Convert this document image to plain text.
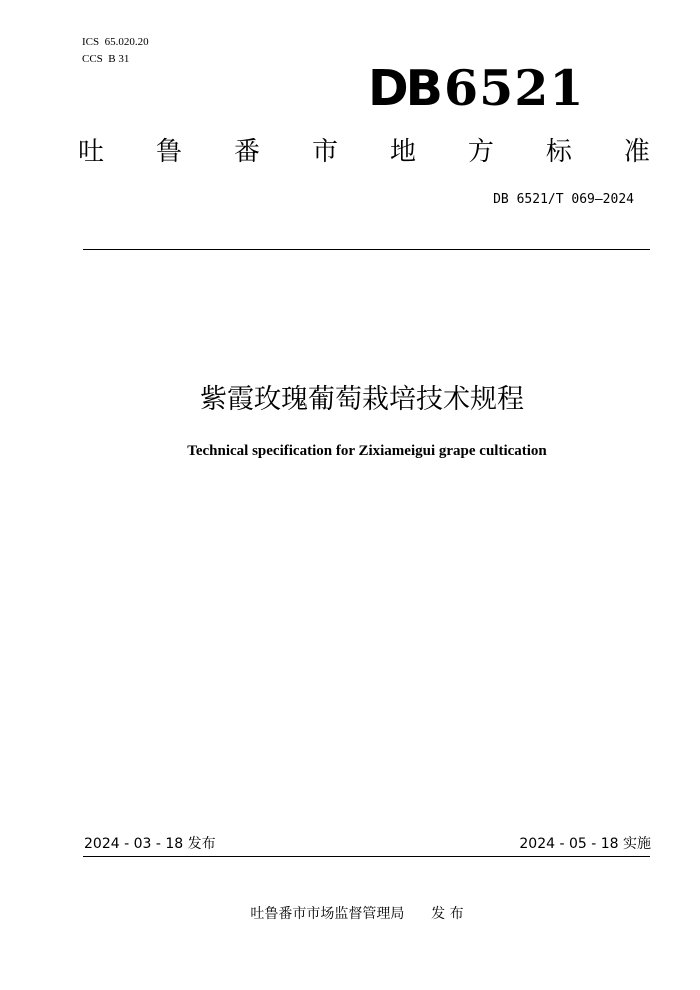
ICS  65.020.20
CCS  B 31
DB6521
吐 鲁 番 市 地 方 标 准
DB 6521/T 069—2024
紫霞玫瑰葡萄栽培技术规程
Technical specification for Zixiameigui grape cultication
2024 - 03 - 18 发布	2024 - 05 - 18 实施
吐鲁番市市场监督管理局 发 布
